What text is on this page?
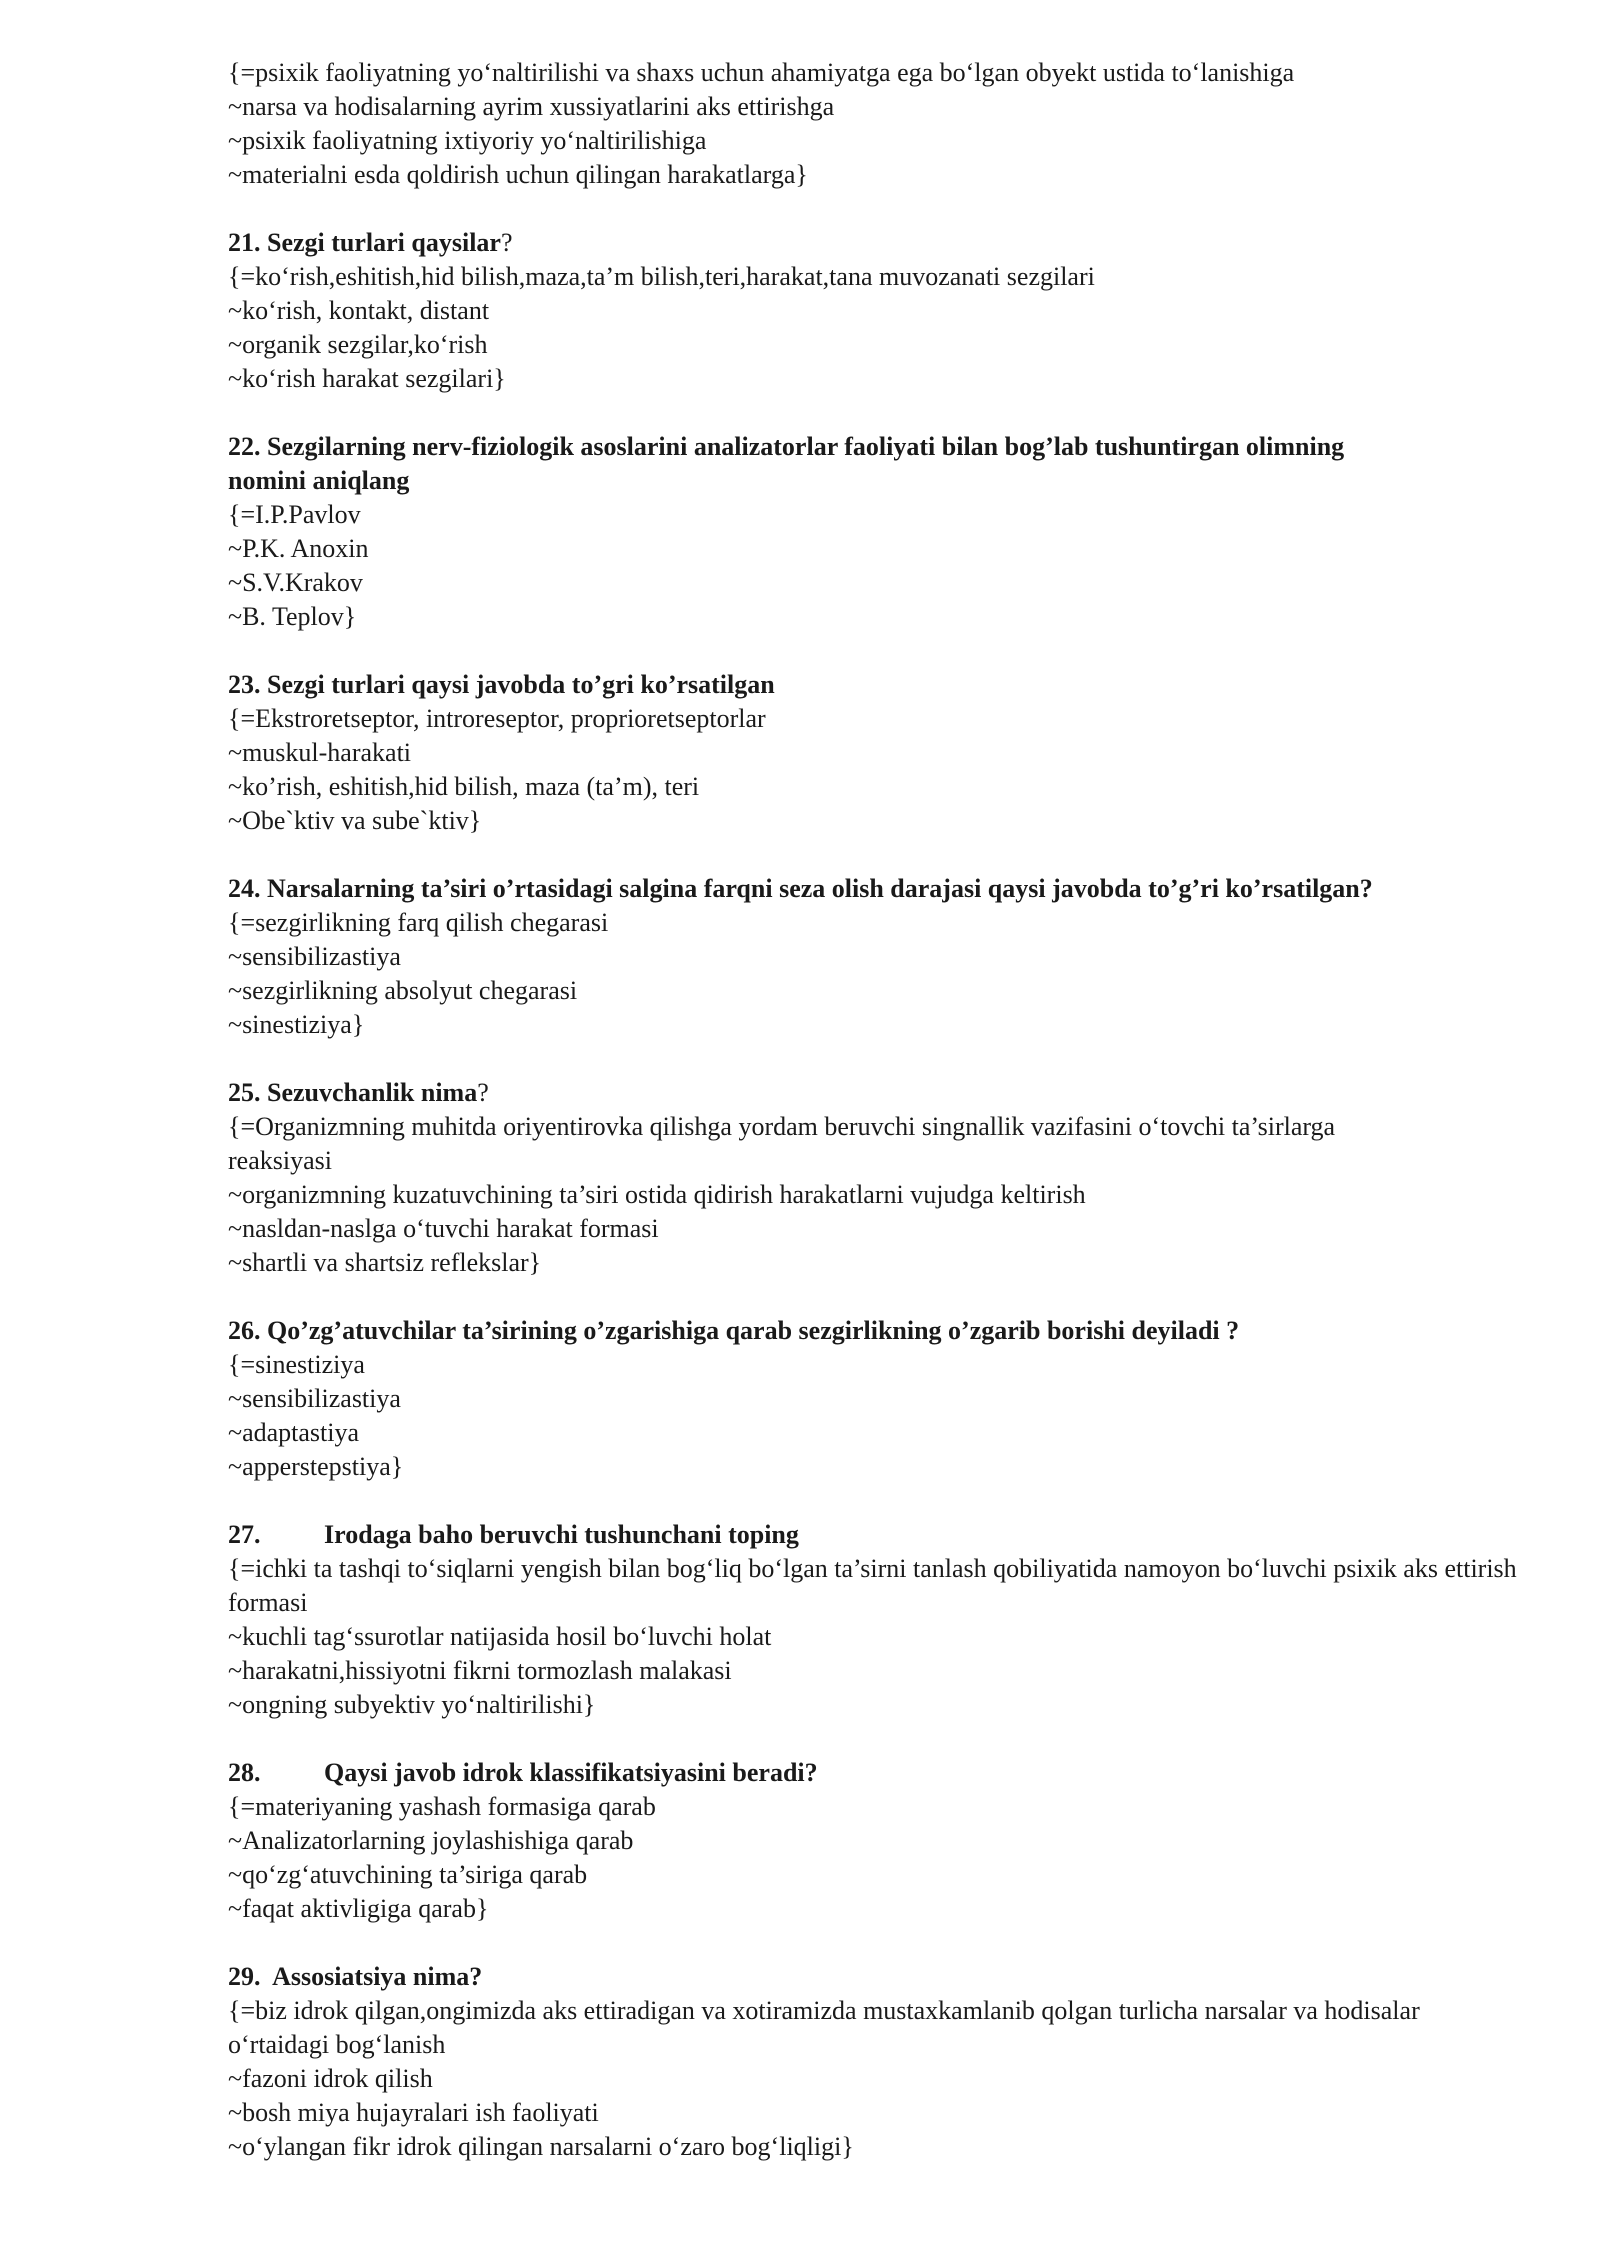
{=psixik faoliyatning yo‘naltirilishi va shaxs uchun ahamiyatga ega bo‘lgan obyekt ustida to‘lanishiga
~narsa va hodisalarning ayrim xussiyatlarini aks ettirishga
~psixik faoliyatning ixtiyoriy yo‘naltirilishiga
~materialni esda qoldirish uchun qilingan harakatlarga}
21. Sezgi turlari qaysilar?
{=ko‘rish,eshitish,hid bilish,maza,ta’m bilish,teri,harakat,tana muvozanati sezgilari
~ko‘rish, kontakt, distant
~organik sezgilar,ko‘rish
~ko‘rish harakat sezgilari}
22. Sezgilarning nerv-fiziologik asoslarini analizatorlar faoliyati bilan bog’lab tushuntirgan olimning nomini aniqlang
{=I.P.Pavlov
~P.K. Anoxin
~S.V.Krakov
~B. Teplov}
23. Sezgi turlari qaysi javobda to’gri ko’rsatilgan
{=Ekstroretseptor, introreseptor, proprioretseptorlar
~muskul-harakati
~ko’rish, eshitish,hid bilish, maza (ta’m), teri
~Obe`ktiv va sube`ktiv}
24. Narsalarning ta’siri o’rtasidagi salgina farqni seza olish darajasi qaysi javobda to’g’ri ko’rsatilgan?
{=sezgirlikning farq qilish chegarasi
~sensibilizastiya
~sezgirlikning absolyut chegarasi
~sinestiziya}
25. Sezuvchanlik nima?
{=Organizmning muhitda oriyentirovka qilishga yordam beruvchi singnallik vazifasini o‘tovchi ta’sirlarga reaksiyasi
~organizmning kuzatuvchining ta’siri ostida qidirish harakatlarni vujudga keltirish
~nasldan-naslga o‘tuvchi harakat formasi
~shartli va shartsiz reflekslar}
26. Qo’zg’atuvchilar ta’sirining o’zgarishiga qarab sezgirlikning o’zgarib borishi deyiladi ?
{=sinestiziya
~sensibilizastiya
~adaptastiya
~apperstepstiya}
27. Irodaga baho beruvchi tushunchani toping
{=ichki ta tashqi to‘siqlarni yengish bilan bog‘liq bo‘lgan ta’sirni tanlash qobiliyatida namoyon bo‘luvchi psixik aks ettirish formasi
~kuchli tag‘ssurotlar natijasida hosil bo‘luvchi holat
~harakatni,hissiyotni fikrni tormozlash malakasi
~ongning subyektiv yo‘naltirilishi}
28. Qaysi javob idrok klassifikatsiyasini beradi?
{=materiyaning yashash formasiga qarab
~Analizatorlarning joylashishiga qarab
~qo‘zg‘atuvchining ta’siriga qarab
~faqat aktivligiga qarab}
29.  Assosiatsiya nima?
{=biz idrok qilgan,ongimizda aks ettiradigan va xotiramizda mustaxkamlanib qolgan turlicha narsalar va hodisalar o‘rtaidagi bog‘lanish
~fazoni idrok qilish
~bosh miya hujayralari ish faoliyati
~o‘ylangan fikr idrok qilingan narsalarni o‘zaro bog‘liqligi}
